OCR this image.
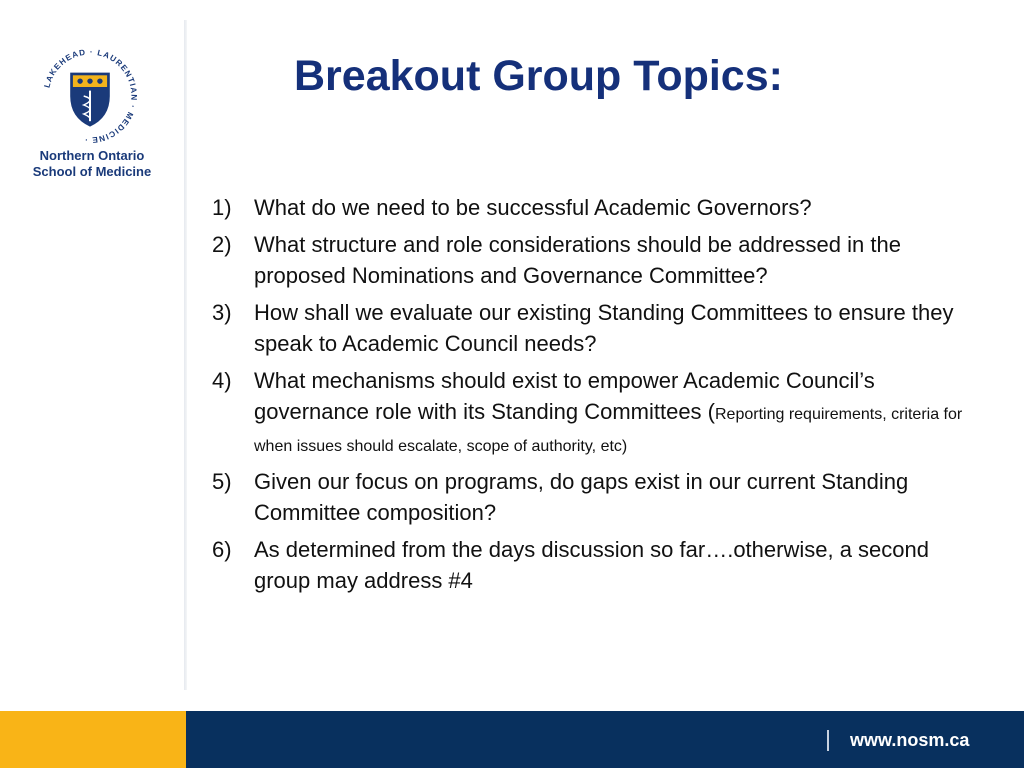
LAKEHEAD · LAURENTIAN · MEDICINE ·
Northern Ontario
School of Medicine
Breakout Group Topics:
1) What do we need to be successful Academic Governors?
2) What structure and role considerations should be addressed in the proposed Nominations and Governance Committee?
3) How shall we evaluate our existing Standing Committees to ensure they speak to Academic Council needs?
4) What mechanisms should exist to empower Academic Council’s governance role with its Standing Committees (Reporting requirements, criteria for when issues should escalate, scope of authority, etc)
5) Given our focus on programs, do gaps exist in our current Standing Committee composition?
6) As determined from the days discussion so far….otherwise, a second group may address #4
www.nosm.ca
